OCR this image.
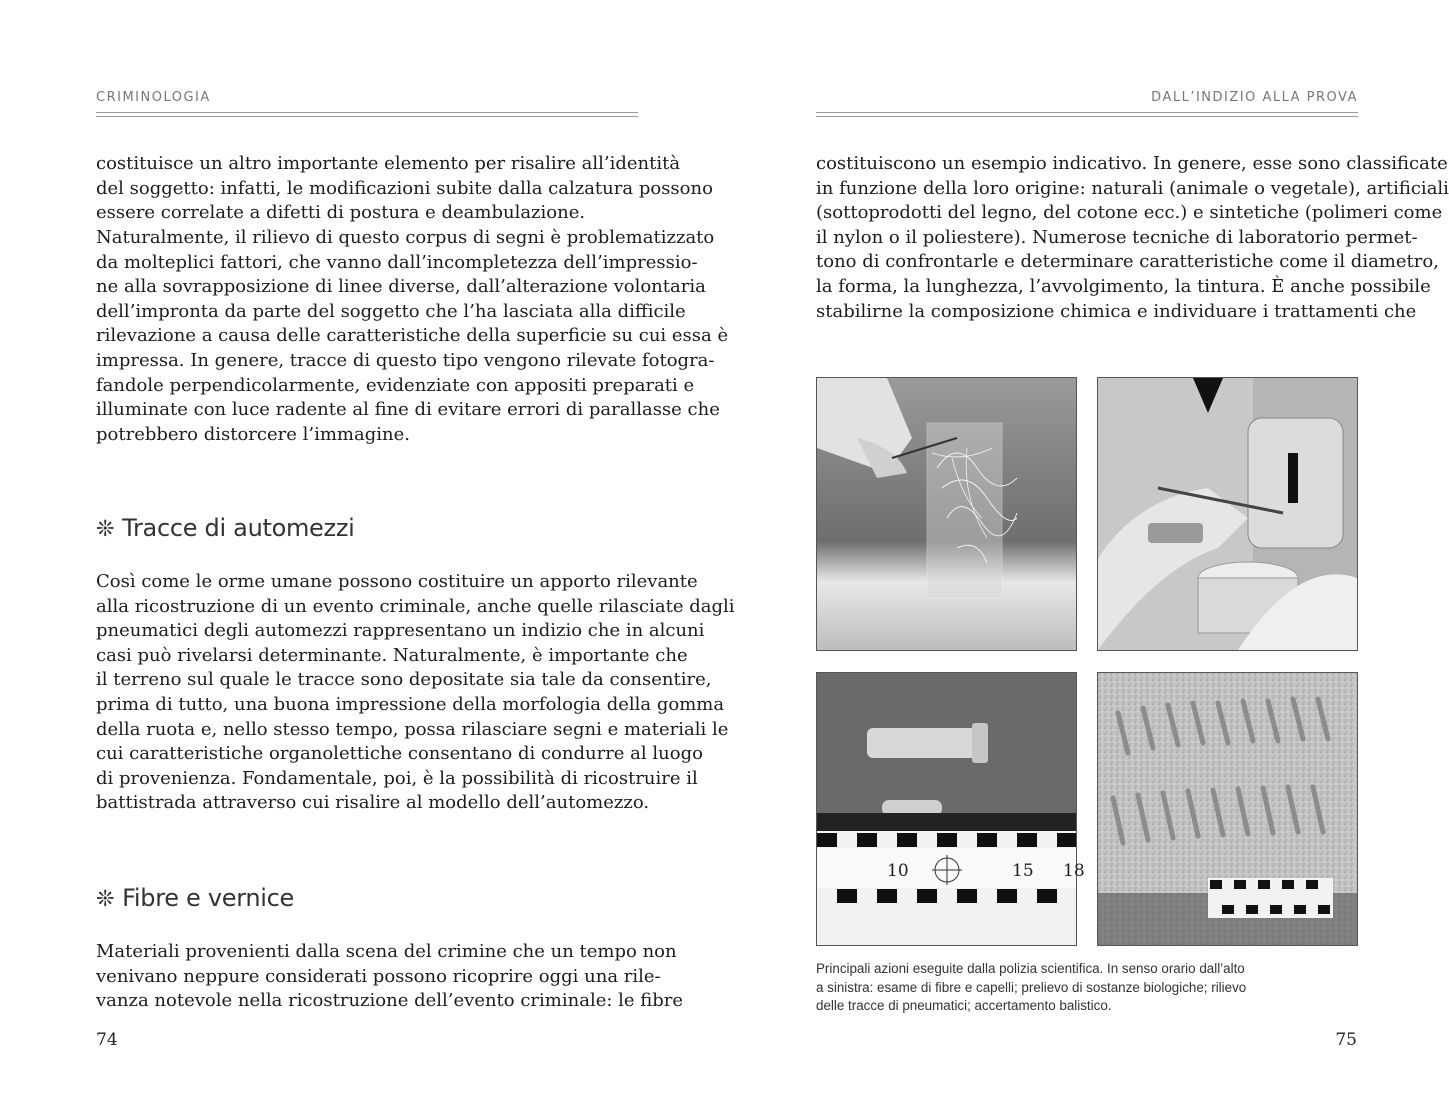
CRIMINOLOGIA

costituisce un altro importante elemento per risalire all’identità
del soggetto: infatti, le modificazioni subite dalla calzatura possono
essere correlate a difetti di postura e deambulazione.

Naturalmente, il rilievo di questo corpus di segni è problematizzato
da molteplici fattori, che vanno dall’incompletezza dell’impressio-
ne alla sovrapposizione di linee diverse, dall’alterazione volontaria
dell’impronta da parte del soggetto che l’ha lasciata alla difficile
rilevazione a causa delle caratteristiche della superficie su cui essa è
impressa. In genere, tracce di questo tipo vengono rilevate fotogra-
fandole perpendicolarmente, evidenziate con appositi preparati e
illuminate con luce radente al fine di evitare errori di parallasse che
potrebbero distorcere l’immagine.

❊ Tracce di automezzi

Così come le orme umane possono costituire un apporto rilevante
alla ricostruzione di un evento criminale, anche quelle rilasciate dagli
pneumatici degli automezzi rappresentano un indizio che in alcuni
casi può rivelarsi determinante. Naturalmente, è importante che
il terreno sul quale le tracce sono depositate sia tale da consentire,
prima di tutto, una buona impressione della morfologia della gomma
della ruota e, nello stesso tempo, possa rilasciare segni e materiali le
cui caratteristiche organolettiche consentano di condurre al luogo
di provenienza. Fondamentale, poi, è la possibilità di ricostruire il
battistrada attraverso cui risalire al modello dell’automezzo.

❊ Fibre e vernice

Materiali provenienti dalla scena del crimine che un tempo non
venivano neppure considerati possono ricoprire oggi una rile-
vanza notevole nella ricostruzione dell’evento criminale: le fibre

74
DALL’INDIZIO ALLA PROVA

costituiscono un esempio indicativo. In genere, esse sono classificate
in funzione della loro origine: naturali (animale o vegetale), artificiali
(sottoprodotti del legno, del cotone ecc.) e sintetiche (polimeri come
il nylon o il poliestere). Numerose tecniche di laboratorio permet-
tono di confrontarle e determinare caratteristiche come il diametro,
la forma, la lunghezza, l’avvolgimento, la tintura. È anche possibile
stabilirne la composizione chimica e individuare i trattamenti che

10	15 18

Principali azioni eseguite dalla polizia scientifica. In senso orario dall’alto
a sinistra: esame di fibre e capelli; prelievo di sostanze biologiche; rilievo
delle tracce di pneumatici; accertamento balistico.

75
